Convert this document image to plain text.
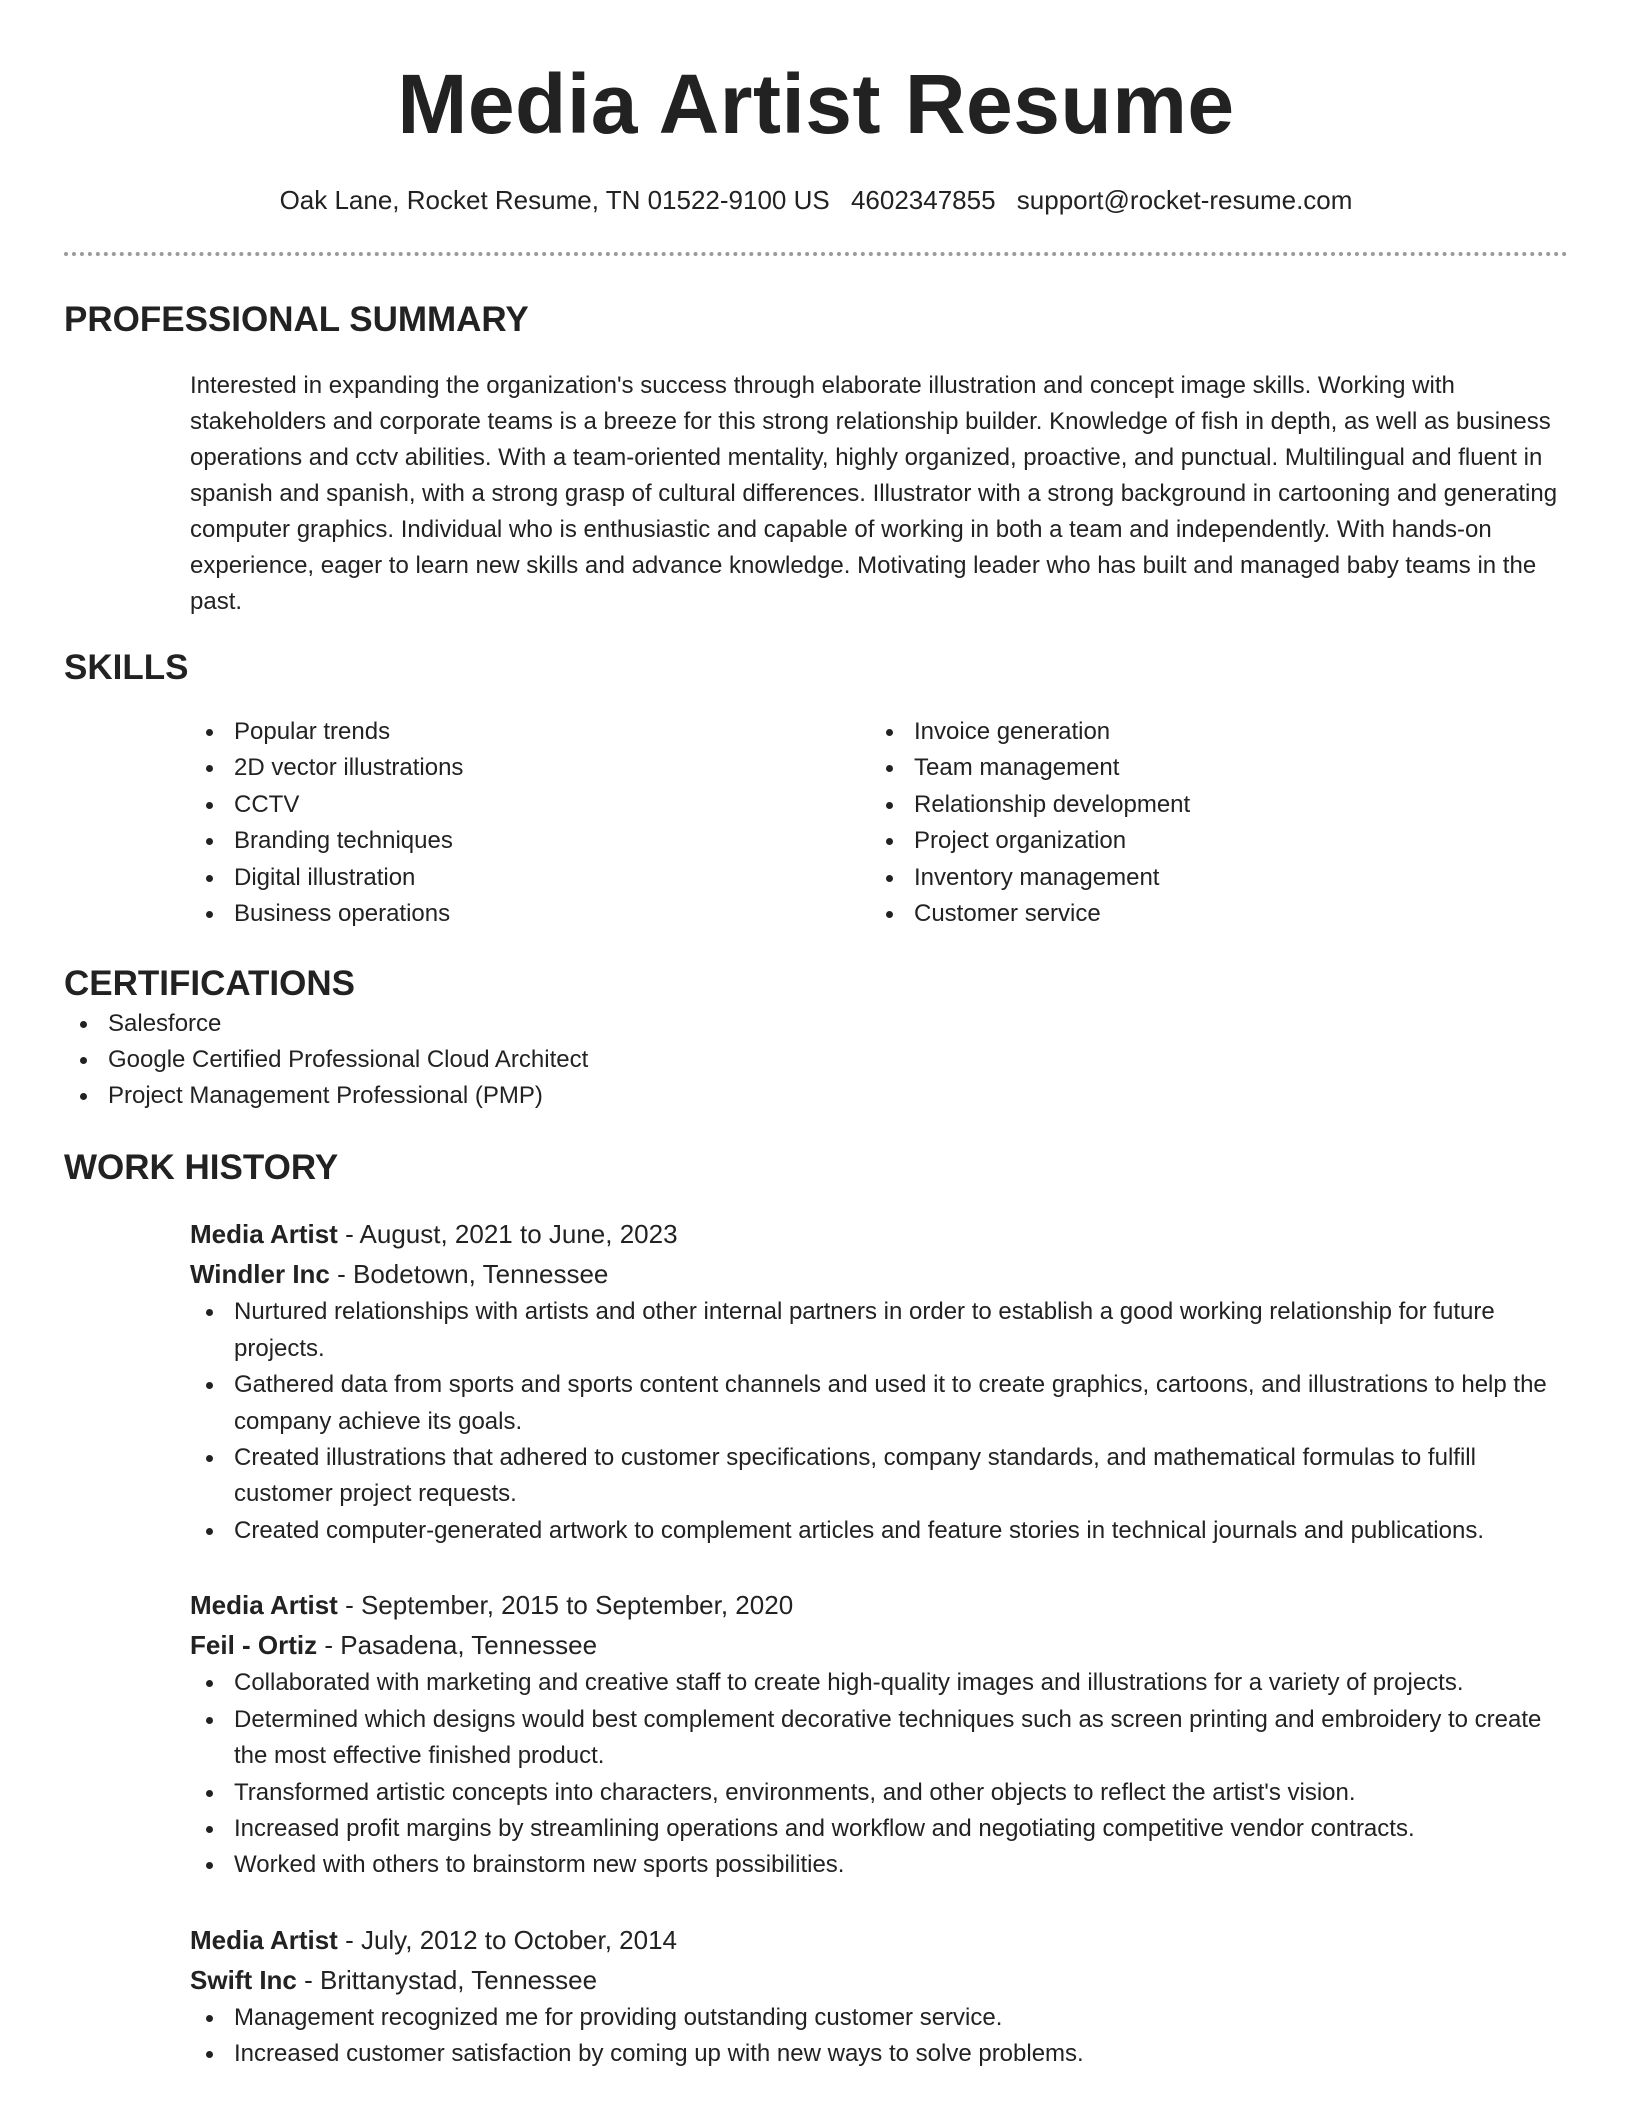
Media Artist Resume
Oak Lane, Rocket Resume, TN 01522-9100 US 4602347855 support@rocket-resume.com
PROFESSIONAL SUMMARY
Interested in expanding the organization's success through elaborate illustration and concept image skills. Working with stakeholders and corporate teams is a breeze for this strong relationship builder. Knowledge of fish in depth, as well as business operations and cctv abilities. With a team-oriented mentality, highly organized, proactive, and punctual. Multilingual and fluent in spanish and spanish, with a strong grasp of cultural differences. Illustrator with a strong background in cartooning and generating computer graphics. Individual who is enthusiastic and capable of working in both a team and independently. With hands-on experience, eager to learn new skills and advance knowledge. Motivating leader who has built and managed baby teams in the past.
SKILLS
Popular trends
2D vector illustrations
CCTV
Branding techniques
Digital illustration
Business operations
Invoice generation
Team management
Relationship development
Project organization
Inventory management
Customer service
CERTIFICATIONS
Salesforce
Google Certified Professional Cloud Architect
Project Management Professional (PMP)
WORK HISTORY
Media Artist - August, 2021 to June, 2023
Windler Inc - Bodetown, Tennessee
Nurtured relationships with artists and other internal partners in order to establish a good working relationship for future projects.
Gathered data from sports and sports content channels and used it to create graphics, cartoons, and illustrations to help the company achieve its goals.
Created illustrations that adhered to customer specifications, company standards, and mathematical formulas to fulfill customer project requests.
Created computer-generated artwork to complement articles and feature stories in technical journals and publications.
Media Artist - September, 2015 to September, 2020
Feil - Ortiz - Pasadena, Tennessee
Collaborated with marketing and creative staff to create high-quality images and illustrations for a variety of projects.
Determined which designs would best complement decorative techniques such as screen printing and embroidery to create the most effective finished product.
Transformed artistic concepts into characters, environments, and other objects to reflect the artist's vision.
Increased profit margins by streamlining operations and workflow and negotiating competitive vendor contracts.
Worked with others to brainstorm new sports possibilities.
Media Artist - July, 2012 to October, 2014
Swift Inc - Brittanystad, Tennessee
Management recognized me for providing outstanding customer service.
Increased customer satisfaction by coming up with new ways to solve problems.
